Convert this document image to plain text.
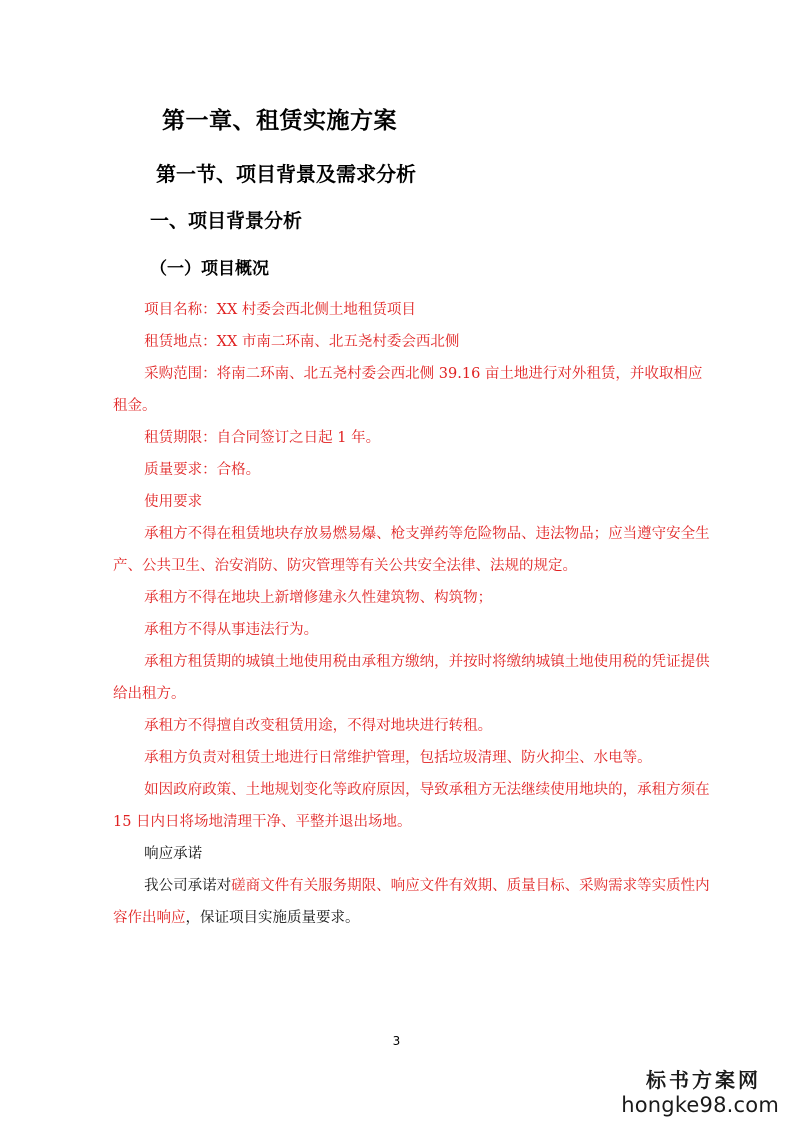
第一章、租赁实施方案
第一节、项目背景及需求分析
一、项目背景分析
（一）项目概况

项目名称：XX 村委会西北侧土地租赁项目

租赁地点：XX 市南二环南、北五尧村委会西北侧

采购范围：将南二环南、北五尧村委会西北侧 39.16 亩土地进行对外租赁，并收取相应租金。

租赁期限：自合同签订之日起 1 年。

质量要求：合格。

使用要求

承租方不得在租赁地块存放易燃易爆、枪支弹药等危险物品、违法物品；应当遵守安全生产、公共卫生、治安消防、防灾管理等有关公共安全法律、法规的规定。

承租方不得在地块上新增修建永久性建筑物、构筑物；

承租方不得从事违法行为。

承租方租赁期的城镇土地使用税由承租方缴纳，并按时将缴纳城镇土地使用税的凭证提供给出租方。

承租方不得擅自改变租赁用途，不得对地块进行转租。

承租方负责对租赁土地进行日常维护管理，包括垃圾清理、防火抑尘、水电等。

如因政府政策、土地规划变化等政府原因，导致承租方无法继续使用地块的，承租方须在 15 日内日将场地清理干净、平整并退出场地。

响应承诺

我公司承诺对磋商文件有关服务期限、响应文件有效期、质量目标、采购需求等实质性内容作出响应，保证项目实施质量要求。

3
标书方案网
hongke98.com
